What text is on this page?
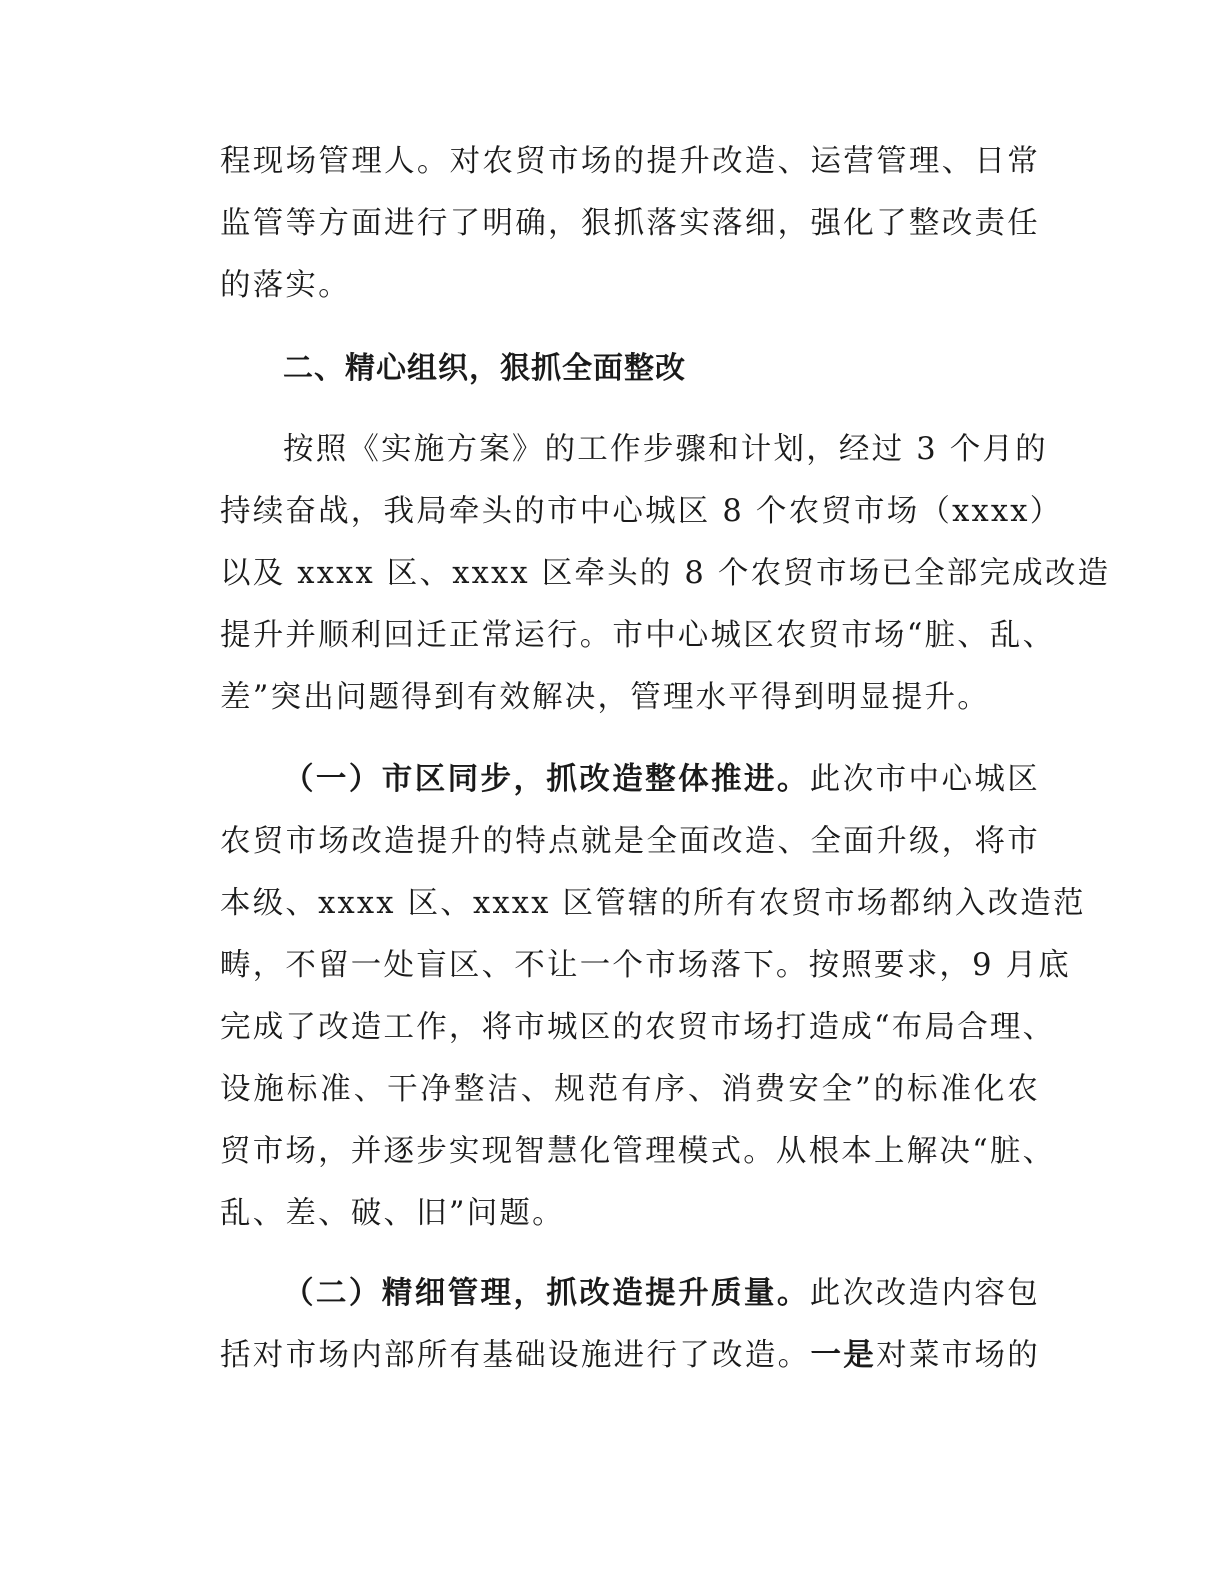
程现场管理人。对农贸市场的提升改造、运营管理、日常
监管等方面进行了明确，狠抓落实落细，强化了整改责任
的落实。
二、精心组织，狠抓全面整改
按照《实施方案》的工作步骤和计划，经过 3 个月的
持续奋战，我局牵头的市中心城区 8 个农贸市场（xxxx）
以及 xxxx 区、xxxx 区牵头的 8 个农贸市场已全部完成改造
提升并顺利回迁正常运行。市中心城区农贸市场“脏、乱、
差”突出问题得到有效解决，管理水平得到明显提升。
（一）市区同步，抓改造整体推进。此次市中心城区
农贸市场改造提升的特点就是全面改造、全面升级，将市
本级、xxxx 区、xxxx 区管辖的所有农贸市场都纳入改造范
畴，不留一处盲区、不让一个市场落下。按照要求，9 月底
完成了改造工作，将市城区的农贸市场打造成“布局合理、
设施标准、干净整洁、规范有序、消费安全”的标准化农
贸市场，并逐步实现智慧化管理模式。从根本上解决“脏、
乱、差、破、旧”问题。
（二）精细管理，抓改造提升质量。此次改造内容包
括对市场内部所有基础设施进行了改造。一是对菜市场的
